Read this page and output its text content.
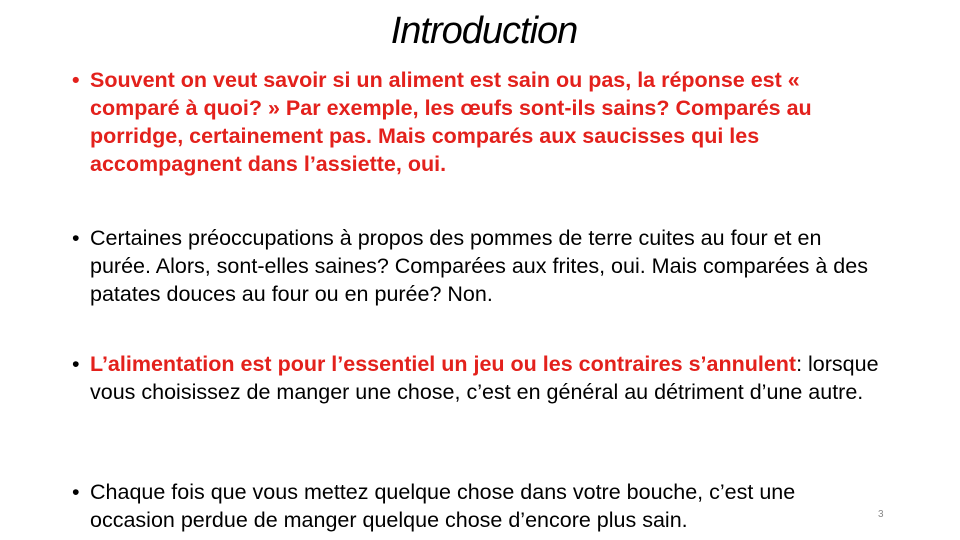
Introduction
• Souvent on veut savoir si un aliment est sain ou pas, la réponse est « comparé à quoi? » Par exemple, les œufs sont-ils sains? Comparés au porridge, certainement pas. Mais comparés aux saucisses qui les accompagnent dans l’assiette, oui.
• Certaines préoccupations à propos des pommes de terre cuites au four et en purée. Alors, sont-elles saines? Comparées aux frites, oui. Mais comparées à des patates douces au four ou en purée? Non.
• L’alimentation est pour l’essentiel un jeu ou les contraires s’annulent: lorsque vous choisissez de manger une chose, c’est en général au détriment d’une autre.
• Chaque fois que vous mettez quelque chose dans votre bouche, c’est une occasion perdue de manger quelque chose d’encore plus sain.	3
